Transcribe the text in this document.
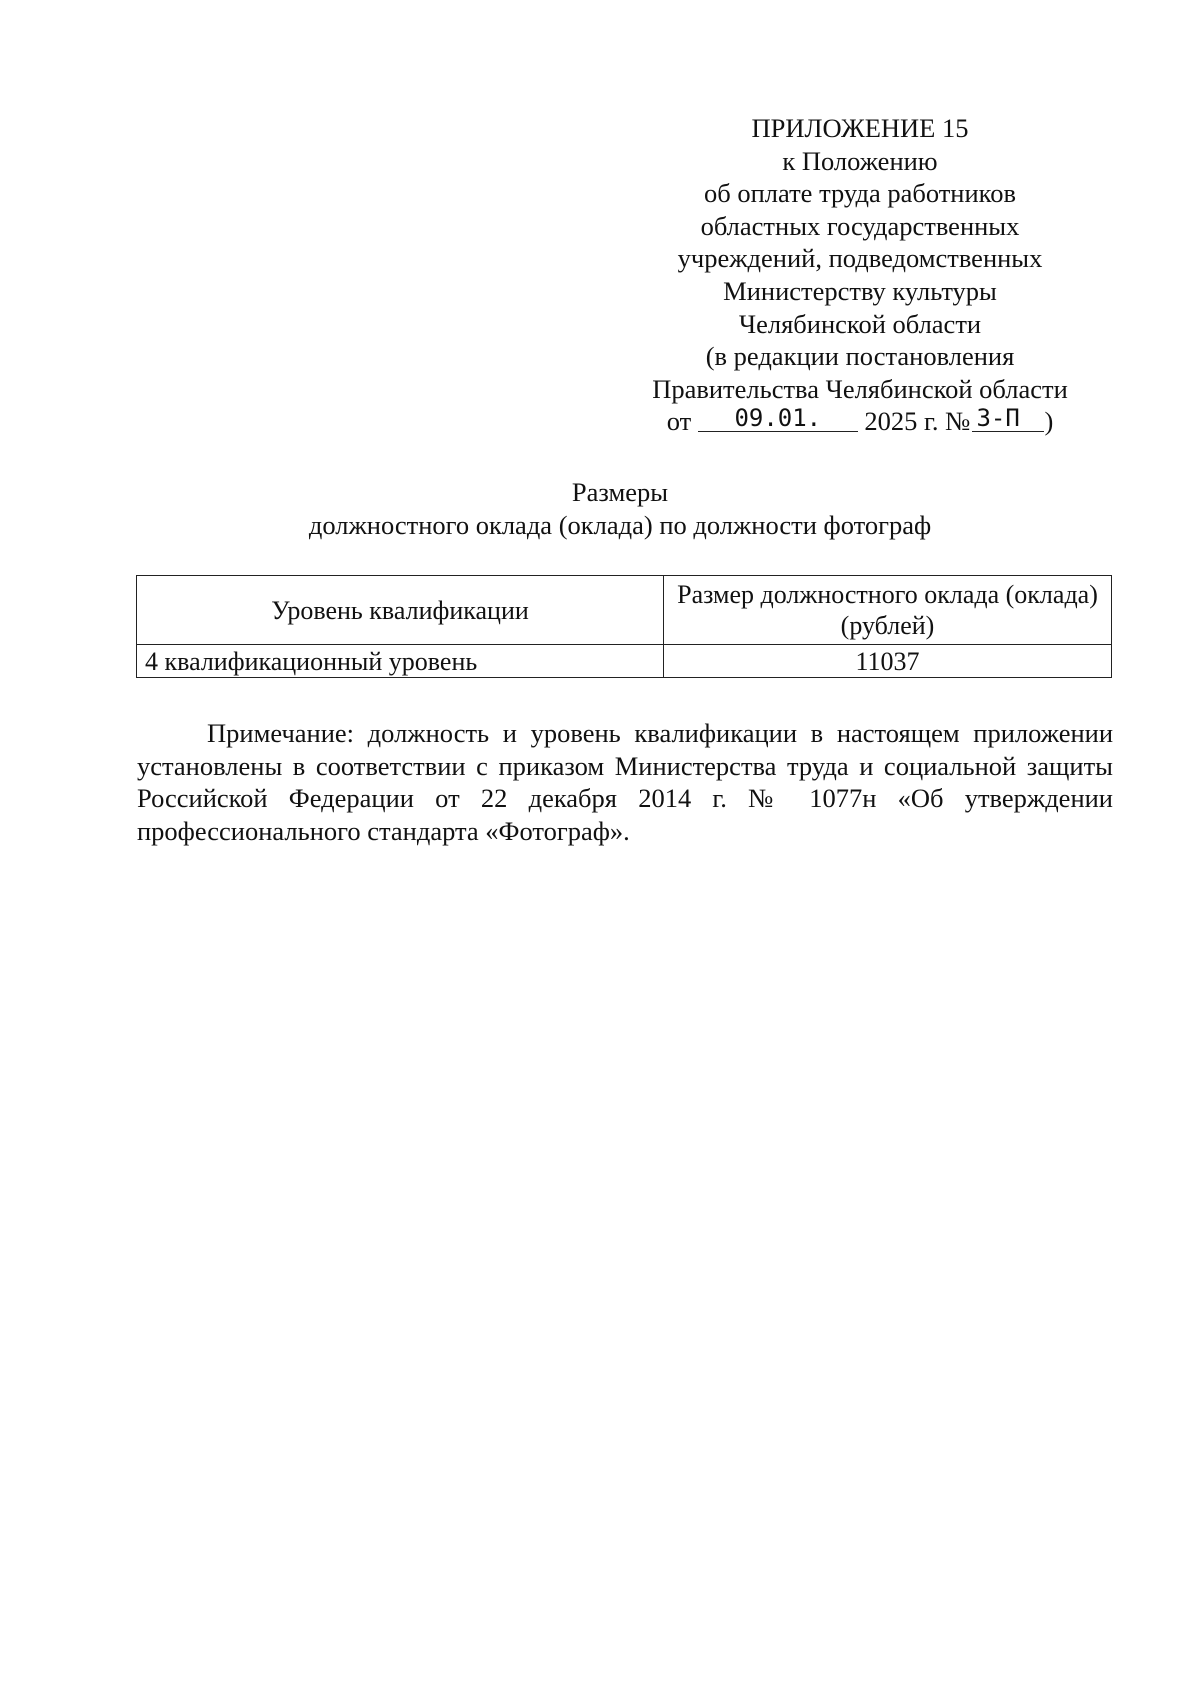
ПРИЛОЖЕНИЕ 15
к Положению
об оплате труда работников
областных государственных
учреждений, подведомственных
Министерству культуры
Челябинской области
(в редакции постановления
Правительства Челябинской области
от 09.01. 2025 г. № 3-П )
Размеры
должностного оклада (оклада) по должности фотограф
Уровень квалификации	Размер должностного оклада (оклада) (рублей)
4 квалификационный уровень	11037
Примечание: должность и уровень квалификации в настоящем приложении установлены в соответствии с приказом Министерства труда и социальной защиты Российской Федерации от 22 декабря 2014 г. № 1077н «Об утверждении профессионального стандарта «Фотограф».
